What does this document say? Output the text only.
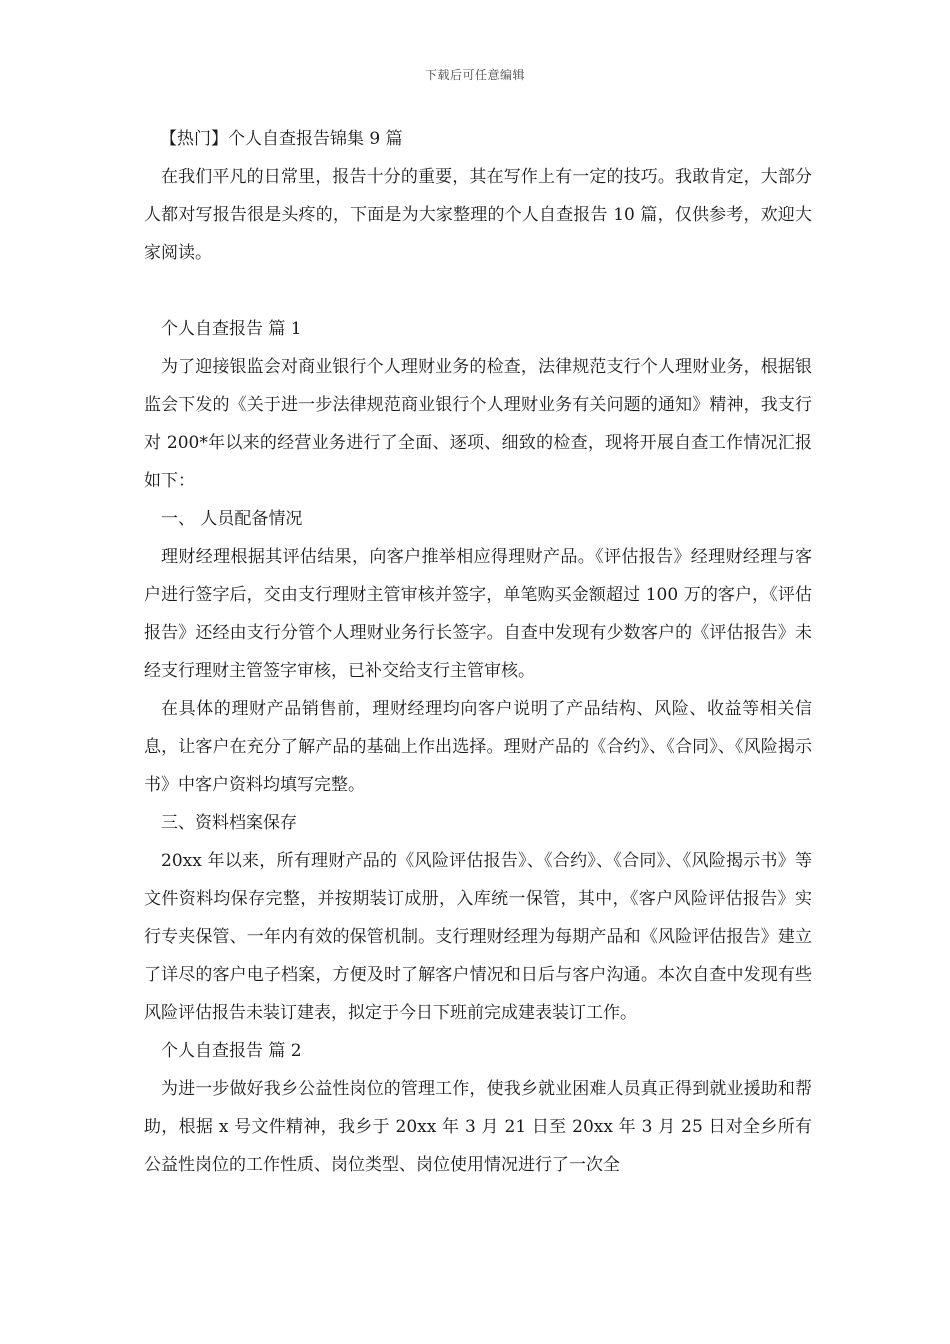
下载后可任意编辑

【热门】个人自查报告锦集 9 篇

在我们平凡的日常里，报告十分的重要，其在写作上有一定的技巧。我敢肯定，大部分人都对写报告很是头疼的，下面是为大家整理的个人自查报告 10 篇，仅供参考，欢迎大家阅读。

个人自查报告 篇 1

为了迎接银监会对商业银行个人理财业务的检查，法律规范支行个人理财业务，根据银监会下发的《关于进一步法律规范商业银行个人理财业务有关问题的通知》精神，我支行对 200*年以来的经营业务进行了全面、逐项、细致的检查，现将开展自查工作情况汇报如下：

一、 人员配备情况

理财经理根据其评估结果，向客户推举相应得理财产品。《评估报告》经理财经理与客户进行签字后，交由支行理财主管审核并签字，单笔购买金额超过 100 万的客户，《评估报告》还经由支行分管个人理财业务行长签字。自查中发现有少数客户的《评估报告》未经支行理财主管签字审核，已补交给支行主管审核。

在具体的理财产品销售前，理财经理均向客户说明了产品结构、风险、收益等相关信息，让客户在充分了解产品的基础上作出选择。理财产品的《合约》、《合同》、《风险揭示书》中客户资料均填写完整。

三、资料档案保存

20xx 年以来，所有理财产品的《风险评估报告》、《合约》、《合同》、《风险揭示书》等文件资料均保存完整，并按期装订成册，入库统一保管，其中，《客户风险评估报告》实行专夹保管、一年内有效的保管机制。支行理财经理为每期产品和《风险评估报告》建立了详尽的客户电子档案，方便及时了解客户情况和日后与客户沟通。本次自查中发现有些风险评估报告未装订建表，拟定于今日下班前完成建表装订工作。

个人自查报告 篇 2

为进一步做好我乡公益性岗位的管理工作，使我乡就业困难人员真正得到就业援助和帮助，根据 x 号文件精神，我乡于 20xx 年 3 月 21 日至 20xx 年 3 月 25 日对全乡所有公益性岗位的工作性质、岗位类型、岗位使用情况进行了一次全
